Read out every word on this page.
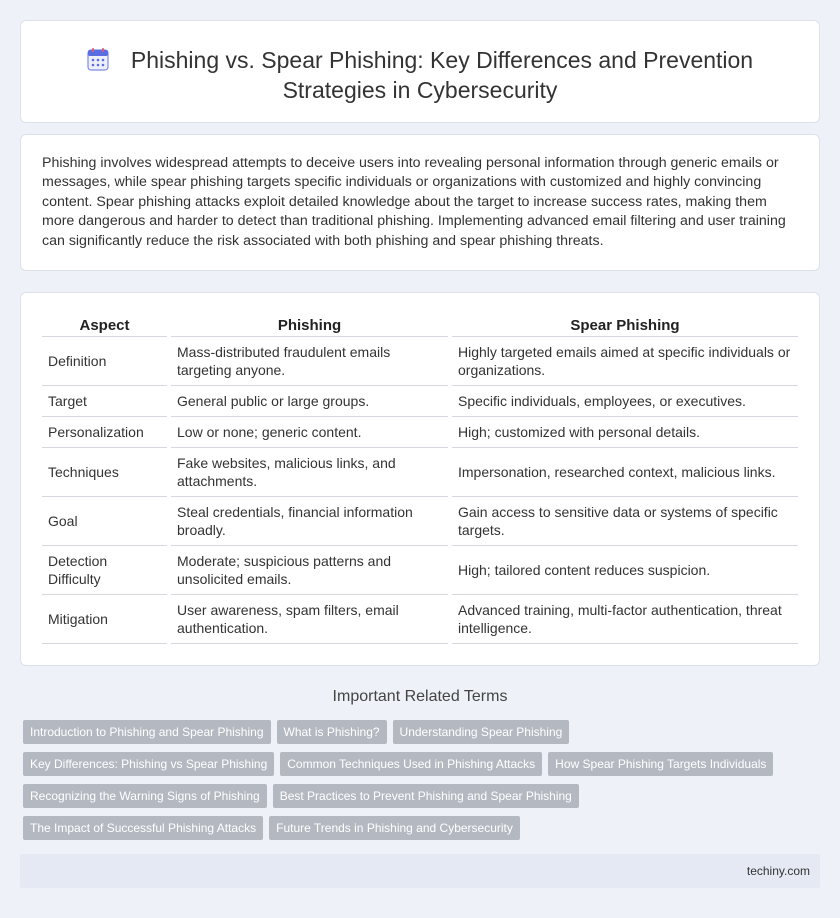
Phishing vs. Spear Phishing: Key Differences and Prevention Strategies in Cybersecurity

Phishing involves widespread attempts to deceive users into revealing personal information through generic emails or messages, while spear phishing targets specific individuals or organizations with customized and highly convincing content. Spear phishing attacks exploit detailed knowledge about the target to increase success rates, making them more dangerous and harder to detect than traditional phishing. Implementing advanced email filtering and user training can significantly reduce the risk associated with both phishing and spear phishing threats.

Aspect		Phishing		Spear Phishing
Definition		Mass-distributed fraudulent emails targeting anyone.		Highly targeted emails aimed at specific individuals or organizations.
Target		General public or large groups.		Specific individuals, employees, or executives.
Personalization		Low or none; generic content.		High; customized with personal details.
Techniques		Fake websites, malicious links, and attachments.		Impersonation, researched context, malicious links.
Goal		Steal credentials, financial information broadly.		Gain access to sensitive data or systems of specific targets.
Detection Difficulty		Moderate; suspicious patterns and unsolicited emails.		High; tailored content reduces suspicion.
Mitigation		User awareness, spam filters, email authentication.		Advanced training, multi-factor authentication, threat intelligence.
Important Related Terms
Introduction to Phishing and Spear Phishing What is Phishing? Understanding Spear Phishing
Key Differences: Phishing vs Spear Phishing Common Techniques Used in Phishing Attacks How Spear Phishing Targets Individuals
Recognizing the Warning Signs of Phishing Best Practices to Prevent Phishing and Spear Phishing
The Impact of Successful Phishing Attacks Future Trends in Phishing and Cybersecurity
techiny.com
